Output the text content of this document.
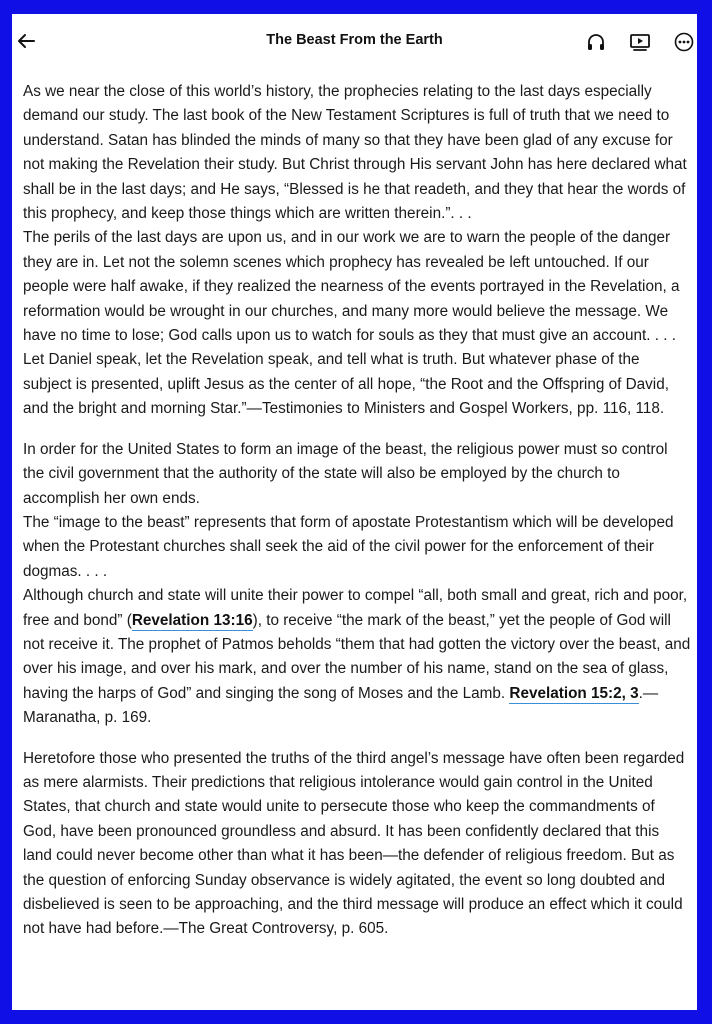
The Beast From the Earth

As we near the close of this world’s history, the prophecies relating to the last days especially demand our study. The last book of the New Testament Scriptures is full of truth that we need to understand. Satan has blinded the minds of many so that they have been glad of any excuse for not making the Revelation their study. But Christ through His servant John has here declared what shall be in the last days; and He says, “Blessed is he that readeth, and they that hear the words of this prophecy, and keep those things which are written therein.”. . .

The perils of the last days are upon us, and in our work we are to warn the people of the danger they are in. Let not the solemn scenes which prophecy has revealed be left untouched. If our people were half awake, if they realized the nearness of the events portrayed in the Revelation, a reformation would be wrought in our churches, and many more would believe the message. We have no time to lose; God calls upon us to watch for souls as they that must give an account. . . . Let Daniel speak, let the Revelation speak, and tell what is truth. But whatever phase of the subject is presented, uplift Jesus as the center of all hope, “the Root and the Offspring of David, and the bright and morning Star.”—Testimonies to Ministers and Gospel Workers, pp. 116, 118.

In order for the United States to form an image of the beast, the religious power must so control the civil government that the authority of the state will also be employed by the church to accomplish her own ends.

The “image to the beast” represents that form of apostate Protestantism which will be developed when the Protestant churches shall seek the aid of the civil power for the enforcement of their dogmas. . . .

Although church and state will unite their power to compel “all, both small and great, rich and poor, free and bond” (Revelation 13:16), to receive “the mark of the beast,” yet the people of God will not receive it. The prophet of Patmos beholds “them that had gotten the victory over the beast, and over his image, and over his mark, and over the number of his name, stand on the sea of glass, having the harps of God” and singing the song of Moses and the Lamb. Revelation 15:2, 3.—Maranatha, p. 169.

Heretofore those who presented the truths of the third angel’s message have often been regarded as mere alarmists. Their predictions that religious intolerance would gain control in the United States, that church and state would unite to persecute those who keep the commandments of God, have been pronounced groundless and absurd. It has been confidently declared that this land could never become other than what it has been—the defender of religious freedom. But as the question of enforcing Sunday observance is widely agitated, the event so long doubted and disbelieved is seen to be approaching, and the third message will produce an effect which it could not have had before.—The Great Controversy, p. 605.
